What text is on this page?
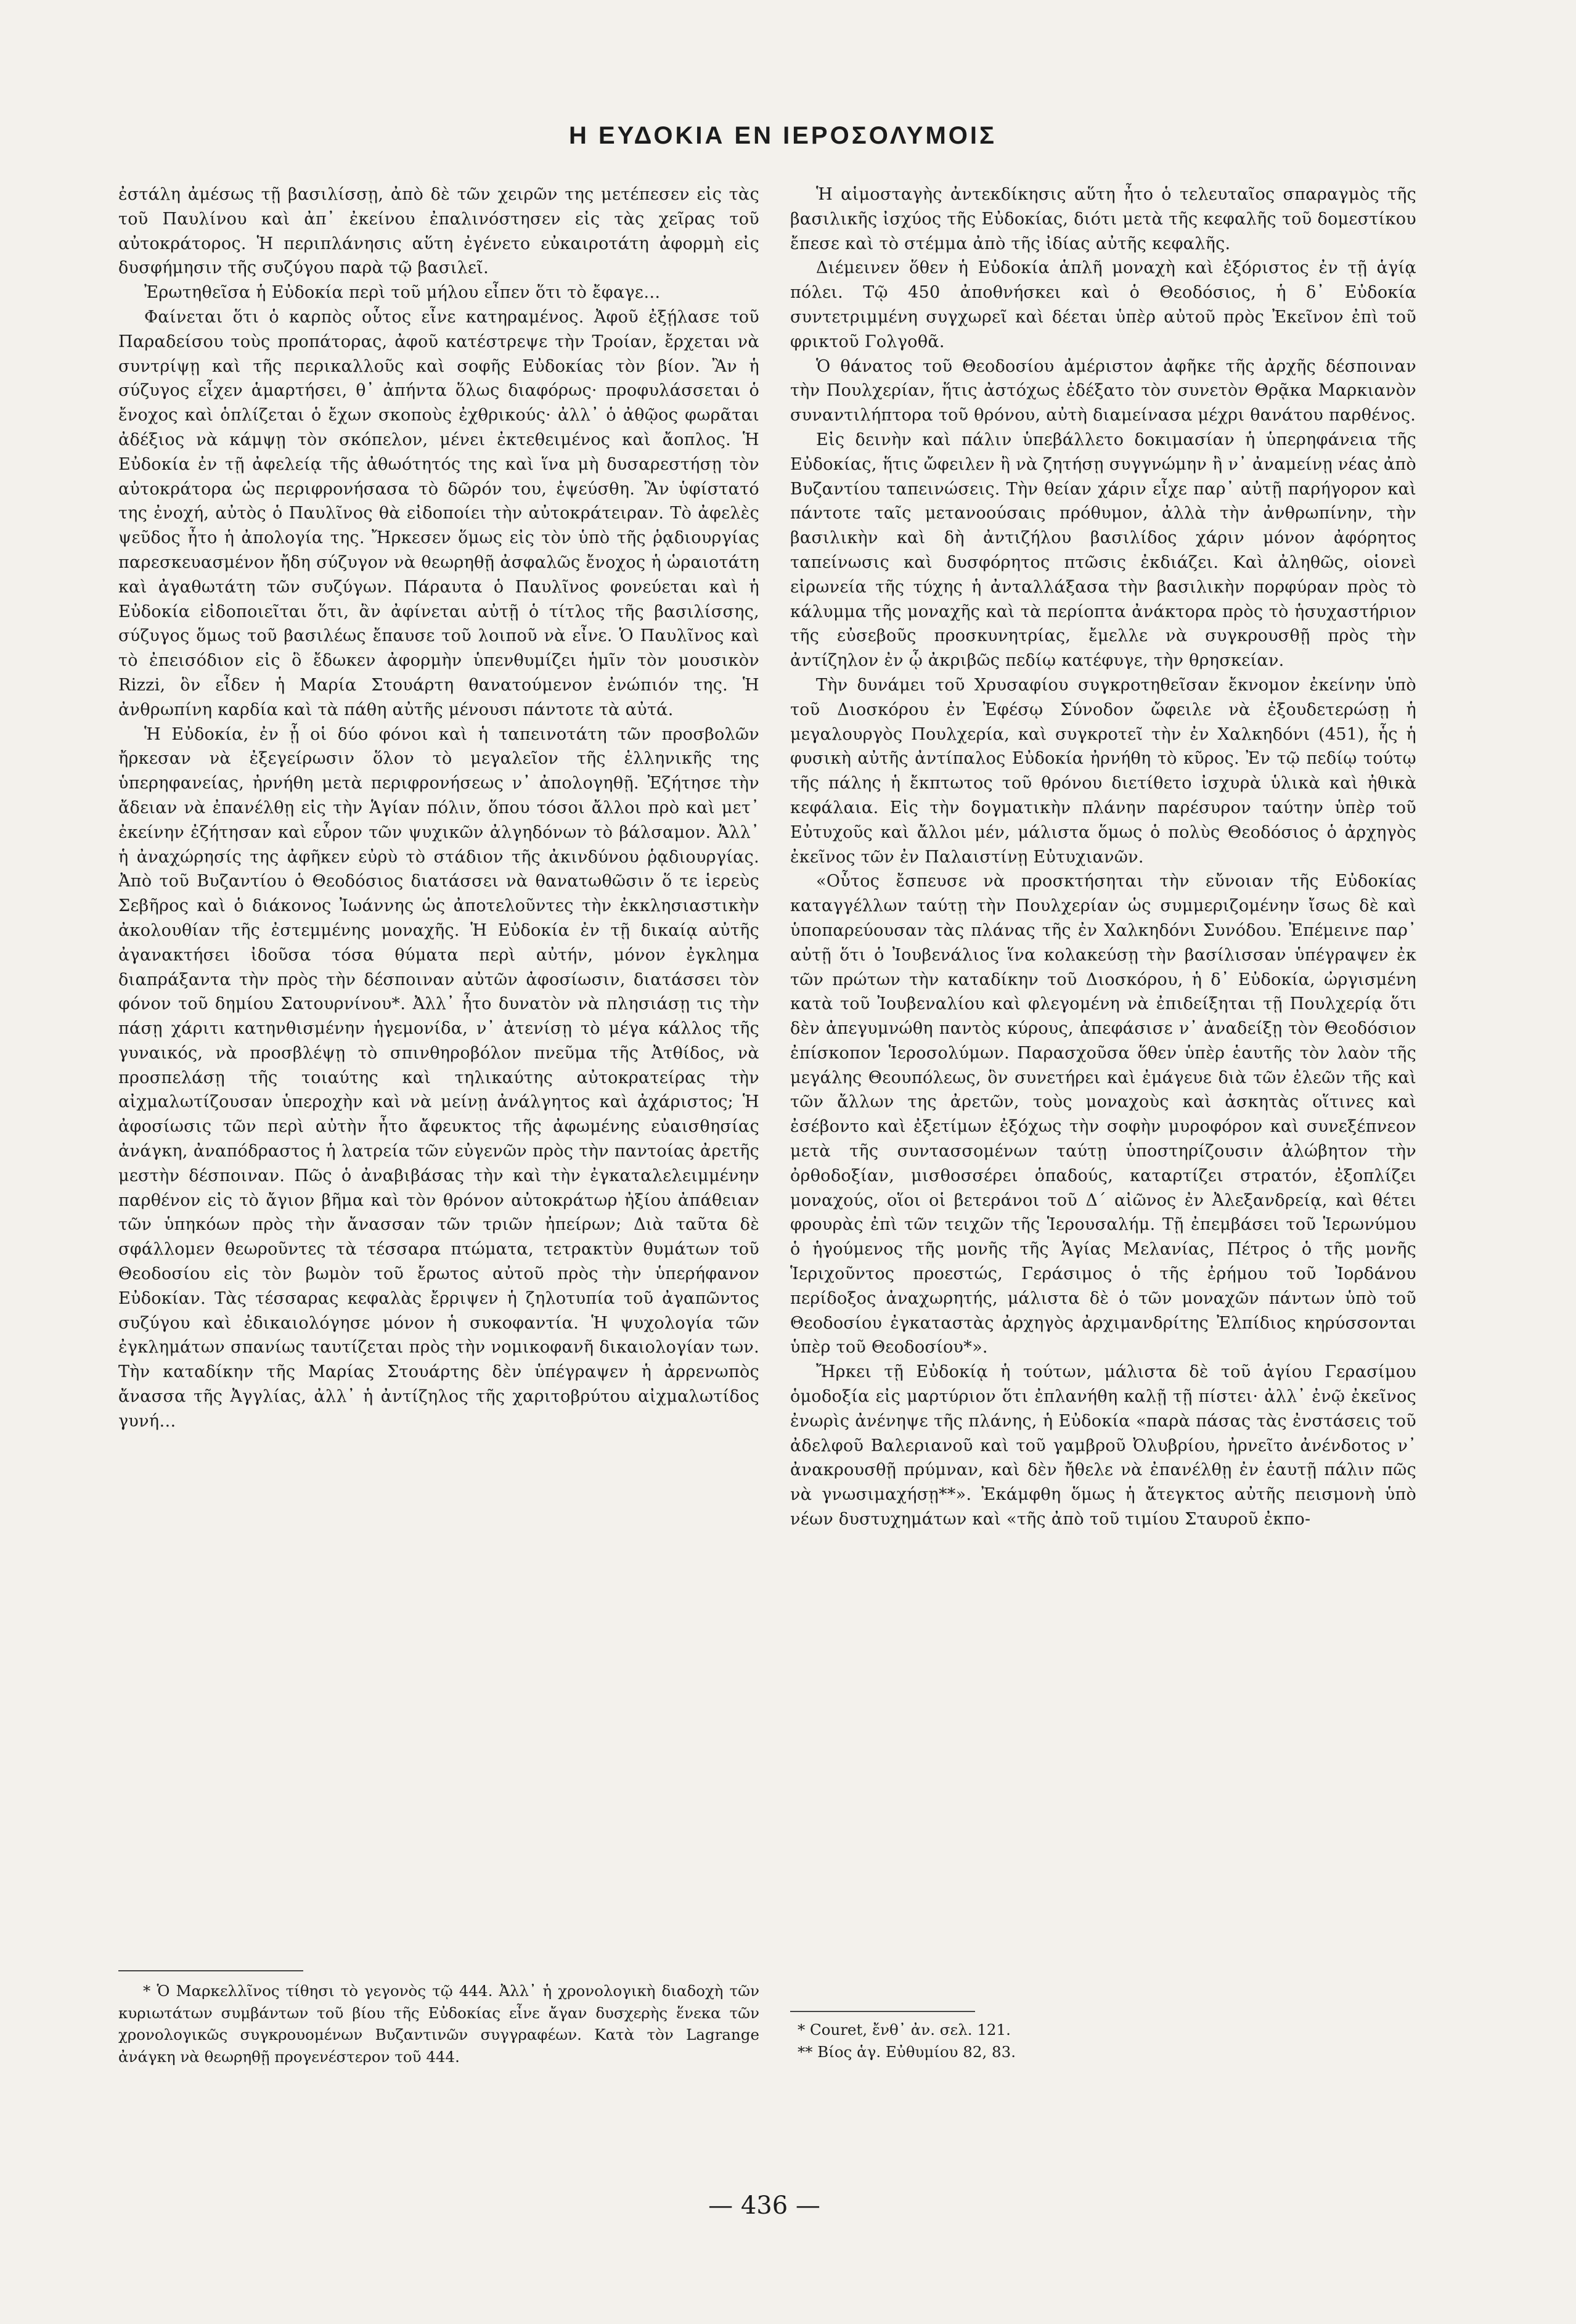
Η ΕΥΔΟΚΙΑ ΕΝ ΙΕΡΟΣΟΛΥΜΟΙΣ

ἐστάλη ἀμέσως τῇ βασιλίσσῃ, ἀπὸ δὲ τῶν χειρῶν της μετέπεσεν εἰς τὰς τοῦ Παυλίνου καὶ ἀπ᾿ ἐκείνου ἐπαλινόστησεν εἰς τὰς χεῖρας τοῦ αὐτοκράτορος. Ἡ περιπλάνησις αὕτη ἐγένετο εὐκαιροτάτη ἀφορμὴ εἰς δυσφήμησιν τῆς συζύγου παρὰ τῷ βασιλεῖ.

Ἐρωτηθεῖσα ἡ Εὐδοκία περὶ τοῦ μήλου εἶπεν ὅτι τὸ ἔφαγε…

Φαίνεται ὅτι ὁ καρπὸς οὗτος εἶνε κατηραμένος. Ἀφοῦ ἐξῄλασε τοῦ Παραδείσου τοὺς προπάτορας, ἀφοῦ κατέστρεψε τὴν Τροίαν, ἔρχεται νὰ συντρίψῃ καὶ τῆς περικαλλοῦς καὶ σοφῆς Εὐδοκίας τὸν βίον. Ἂν ἡ σύζυγος εἶχεν ἁμαρτήσει, θ᾿ ἀπήντα ὅλως διαφόρως· προφυλάσσεται ὁ ἔνοχος καὶ ὁπλίζεται ὁ ἔχων σκοποὺς ἐχθρικούς· ἀλλ᾿ ὁ ἀθῷος φωρᾶται ἀδέξιος νὰ κάμψῃ τὸν σκόπελον, μένει ἐκτεθειμένος καὶ ἄοπλος. Ἡ Εὐδοκία ἐν τῇ ἀφελείᾳ τῆς ἀθωότητός της καὶ ἵνα μὴ δυσαρεστήσῃ τὸν αὐτοκράτορα ὡς περιφρονήσασα τὸ δῶρόν του, ἐψεύσθη. Ἂν ὑφίστατό της ἐνοχή, αὐτὸς ὁ Παυλῖνος θὰ εἰδοποίει τὴν αὐτοκράτειραν. Τὸ ἀφελὲς ψεῦδος ἦτο ἡ ἀπολογία της. Ἤρκεσεν ὅμως εἰς τὸν ὑπὸ τῆς ῥᾳδιουργίας παρεσκευασμένον ἤδη σύζυγον νὰ θεωρηθῇ ἀσφαλῶς ἔνοχος ἡ ὡραιοτάτη καὶ ἀγαθωτάτη τῶν συζύγων. Πάραυτα ὁ Παυλῖνος φονεύεται καὶ ἡ Εὐδοκία εἰδοποιεῖται ὅτι, ἂν ἀφίνεται αὐτῇ ὁ τίτλος τῆς βασιλίσσης, σύζυγος ὅμως τοῦ βασιλέως ἔπαυσε τοῦ λοιποῦ νὰ εἶνε. Ὁ Παυλῖνος καὶ τὸ ἐπεισόδιον εἰς ὃ ἔδωκεν ἀφορμὴν ὑπενθυμίζει ἡμῖν τὸν μουσικὸν Rizzi, ὃν εἶδεν ἡ Μαρία Στουάρτη θανατούμενον ἐνώπιόν της. Ἡ ἀνθρωπίνη καρδία καὶ τὰ πάθη αὐτῆς μένουσι πάντοτε τὰ αὐτά.

Ἡ Εὐδοκία, ἐν ᾗ οἱ δύο φόνοι καὶ ἡ ταπεινοτάτη τῶν προσβολῶν ἤρκεσαν νὰ ἐξεγείρωσιν ὅλον τὸ μεγαλεῖον τῆς ἑλληνικῆς της ὑπερηφανείας, ἠρνήθη μετὰ περιφρονήσεως ν᾿ ἀπολογηθῇ. Ἐζήτησε τὴν ἄδειαν νὰ ἐπανέλθῃ εἰς τὴν Ἁγίαν πόλιν, ὅπου τόσοι ἄλλοι πρὸ καὶ μετ᾿ ἐκείνην ἐζήτησαν καὶ εὗρον τῶν ψυχικῶν ἀλγηδόνων τὸ βάλσαμον. Ἀλλ᾿ ἡ ἀναχώρησίς της ἀφῆκεν εὐρὺ τὸ στάδιον τῆς ἀκινδύνου ῥᾳδιουργίας. Ἀπὸ τοῦ Βυζαντίου ὁ Θεοδόσιος διατάσσει νὰ θανατωθῶσιν ὅ τε ἱερεὺς Σεβῆρος καὶ ὁ διάκονος Ἰωάννης ὡς ἀποτελοῦντες τὴν ἐκκλησιαστικὴν ἀκολουθίαν τῆς ἐστεμμένης μοναχῆς. Ἡ Εὐδοκία ἐν τῇ δικαίᾳ αὐτῆς ἀγανακτήσει ἰδοῦσα τόσα θύματα περὶ αὐτήν, μόνον ἐγκλημα διαπράξαντα τὴν πρὸς τὴν δέσποιναν αὐτῶν ἀφοσίωσιν, διατάσσει τὸν φόνον τοῦ δημίου Σατουρνίνου*. Ἀλλ᾿ ἦτο δυνατὸν νὰ πλησιάσῃ τις τὴν πάσῃ χάριτι κατηνθισμένην ἡγεμονίδα, ν᾿ ἀτενίσῃ τὸ μέγα κάλλος τῆς γυναικός, νὰ προσβλέψῃ τὸ σπινθηροβόλον πνεῦμα τῆς Ἀτθίδος, νὰ προσπελάσῃ τῆς τοιαύτης καὶ τηλικαύτης αὐτοκρατείρας τὴν αἰχμαλωτίζουσαν ὑπεροχὴν καὶ νὰ μείνῃ ἀνάλγητος καὶ ἀχάριστος; Ἡ ἀφοσίωσις τῶν περὶ αὐτὴν ἦτο ἄφευκτος τῆς ἀφωμένης εὐαισθησίας ἀνάγκη, ἀναπόδραστος ἡ λατρεία τῶν εὐγενῶν πρὸς τὴν παντοίας ἀρετῆς μεστὴν δέσποιναν. Πῶς ὁ ἀναβιβάσας τὴν καὶ τὴν ἐγκαταλελειμμένην παρθένον εἰς τὸ ἄγιον βῆμα καὶ τὸν θρόνον αὐτοκράτωρ ἠξίου ἀπάθειαν τῶν ὑπηκόων πρὸς τὴν ἄνασσαν τῶν τριῶν ἠπείρων; Διὰ ταῦτα δὲ σφάλλομεν θεωροῦντες τὰ τέσσαρα πτώματα, τετρακτὺν θυμάτων τοῦ Θεοδοσίου εἰς τὸν βωμὸν τοῦ ἔρωτος αὐτοῦ πρὸς τὴν ὑπερήφανον Εὐδοκίαν. Τὰς τέσσαρας κεφαλὰς ἔρριψεν ἡ ζηλοτυπία τοῦ ἀγαπῶντος συζύγου καὶ ἐδικαιολόγησε μόνον ἡ συκοφαντία. Ἡ ψυχολογία τῶν ἐγκλημάτων σπανίως ταυτίζεται πρὸς τὴν νομικοφανῆ δικαιολογίαν των. Τὴν καταδίκην τῆς Μαρίας Στουάρτης δὲν ὑπέγραψεν ἡ ἀρρενωπὸς ἄνασσα τῆς Ἀγγλίας, ἀλλ᾿ ἡ ἀντίζηλος τῆς χαριτοβρύτου αἰχμαλωτίδος γυνή…

Ἡ αἱμοσταγὴς ἀντεκδίκησις αὕτη ἦτο ὁ τελευταῖος σπαραγμὸς τῆς βασιλικῆς ἰσχύος τῆς Εὐδοκίας, διότι μετὰ τῆς κεφαλῆς τοῦ δομεστίκου ἔπεσε καὶ τὸ στέμμα ἀπὸ τῆς ἰδίας αὐτῆς κεφαλῆς.

Διέμεινεν ὅθεν ἡ Εὐδοκία ἁπλῆ μοναχὴ καὶ ἐξόριστος ἐν τῇ ἁγίᾳ πόλει. Τῷ 450 ἀποθνήσκει καὶ ὁ Θεοδόσιος, ἡ δ᾿ Εὐδοκία συντετριμμένη συγχωρεῖ καὶ δέεται ὑπὲρ αὐτοῦ πρὸς Ἐκεῖνον ἐπὶ τοῦ φρικτοῦ Γολγοθᾶ.

Ὁ θάνατος τοῦ Θεοδοσίου ἀμέριστον ἀφῆκε τῆς ἀρχῆς δέσποιναν τὴν Πουλχερίαν, ἥτις ἀστόχως ἐδέξατο τὸν συνετὸν Θρᾷκα Μαρκιανὸν συναντιλήπτορα τοῦ θρόνου, αὐτὴ διαμείνασα μέχρι θανάτου παρθένος.

Εἰς δεινὴν καὶ πάλιν ὑπεβάλλετο δοκιμασίαν ἡ ὑπερηφάνεια τῆς Εὐδοκίας, ἥτις ὤφειλεν ἢ νὰ ζητήσῃ συγγνώμην ἢ ν᾿ ἀναμείνῃ νέας ἀπὸ Βυζαντίου ταπεινώσεις. Τὴν θείαν χάριν εἶχε παρ᾿ αὐτῇ παρήγορον καὶ πάντοτε ταῖς μετανοούσαις πρόθυμον, ἀλλὰ τὴν ἀνθρωπίνην, τὴν βασιλικὴν καὶ δὴ ἀντιζήλου βασιλίδος χάριν μόνον ἀφόρητος ταπείνωσις καὶ δυσφόρητος πτῶσις ἐκδιάζει. Καὶ ἀληθῶς, οἱονεὶ εἰρωνεία τῆς τύχης ἡ ἀνταλλάξασα τὴν βασιλικὴν πορφύραν πρὸς τὸ κάλυμμα τῆς μοναχῆς καὶ τὰ περίοπτα ἀνάκτορα πρὸς τὸ ἡσυχαστήριον τῆς εὐσεβοῦς προσκυνητρίας, ἔμελλε νὰ συγκρουσθῇ πρὸς τὴν ἀντίζηλον ἐν ᾧ ἀκριβῶς πεδίῳ κατέφυγε, τὴν θρησκείαν.

Τὴν δυνάμει τοῦ Χρυσαφίου συγκροτηθεῖσαν ἔκνομον ἐκείνην ὑπὸ τοῦ Διοσκόρου ἐν Ἐφέσῳ Σύνοδον ὤφειλε νὰ ἐξουδετερώσῃ ἡ μεγαλουργὸς Πουλχερία, καὶ συγκροτεῖ τὴν ἐν Χαλκηδόνι (451), ἧς ἡ φυσικὴ αὐτῆς ἀντίπαλος Εὐδοκία ἠρνήθη τὸ κῦρος. Ἐν τῷ πεδίῳ τούτῳ τῆς πάλης ἡ ἔκπτωτος τοῦ θρόνου διετίθετο ἰσχυρὰ ὑλικὰ καὶ ἠθικὰ κεφάλαια. Εἰς τὴν δογματικὴν πλάνην παρέσυρον ταύτην ὑπὲρ τοῦ Εὐτυχοῦς καὶ ἄλλοι μέν, μάλιστα ὅμως ὁ πολὺς Θεοδόσιος ὁ ἀρχηγὸς ἐκεῖνος τῶν ἐν Παλαιστίνῃ Εὐτυχιανῶν.

«Οὗτος ἔσπευσε νὰ προσκτήσηται τὴν εὔνοιαν τῆς Εὐδοκίας καταγγέλλων ταύτῃ τὴν Πουλχερίαν ὡς συμμεριζομένην ἴσως δὲ καὶ ὑποπαρεύουσαν τὰς πλάνας τῆς ἐν Χαλκηδόνι Συνόδου. Ἐπέμεινε παρ᾿ αὐτῇ ὅτι ὁ Ἰουβενάλιος ἵνα κολακεύσῃ τὴν βασίλισσαν ὑπέγραψεν ἐκ τῶν πρώτων τὴν καταδίκην τοῦ Διοσκόρου, ἡ δ᾿ Εὐδοκία, ὠργισμένη κατὰ τοῦ Ἰουβεναλίου καὶ φλεγομένη νὰ ἐπιδείξηται τῇ Πουλχερίᾳ ὅτι δὲν ἀπεγυμνώθη παντὸς κύρους, ἀπεφάσισε ν᾿ ἀναδείξῃ τὸν Θεοδόσιον ἐπίσκοπον Ἱεροσολύμων. Παρασχοῦσα ὅθεν ὑπὲρ ἑαυτῆς τὸν λαὸν τῆς μεγάλης Θεουπόλεως, ὃν συνετήρει καὶ ἐμάγευε διὰ τῶν ἐλεῶν τῆς καὶ τῶν ἄλλων της ἀρετῶν, τοὺς μοναχοὺς καὶ ἀσκητὰς οἵτινες καὶ ἐσέβοντο καὶ ἐξετίμων ἐξόχως τὴν σοφὴν μυροφόρον καὶ συνεξέπνεον μετὰ τῆς συντασσομένων ταύτῃ ὑποστηρίζουσιν ἀλώβητον τὴν ὀρθοδοξίαν, μισθοσσέρει ὁπαδούς, καταρτίζει στρατόν, ἐξοπλίζει μοναχούς, οἵοι οἱ βετεράνοι τοῦ Δ´ αἰῶνος ἐν Ἀλεξανδρείᾳ, καὶ θέτει φρουρὰς ἐπὶ τῶν τειχῶν τῆς Ἱερουσαλήμ. Τῇ ἐπεμβάσει τοῦ Ἱερωνύμου ὁ ἡγούμενος τῆς μονῆς τῆς Ἁγίας Μελανίας, Πέτρος ὁ τῆς μονῆς Ἱεριχοῦντος προεστώς, Γεράσιμος ὁ τῆς ἐρήμου τοῦ Ἰορδάνου περίδοξος ἀναχωρητής, μάλιστα δὲ ὁ τῶν μοναχῶν πάντων ὑπὸ τοῦ Θεοδοσίου ἐγκαταστὰς ἀρχηγὸς ἀρχιμανδρίτης Ἐλπίδιος κηρύσσονται ὑπὲρ τοῦ Θεοδοσίου*».

Ἤρκει τῇ Εὐδοκίᾳ ἡ τούτων, μάλιστα δὲ τοῦ ἁγίου Γερασίμου ὁμοδοξία εἰς μαρτύριον ὅτι ἐπλανήθη καλῇ τῇ πίστει· ἀλλ᾿ ἐνῷ ἐκεῖνος ἐνωρὶς ἀνένηψε τῆς πλάνης, ἡ Εὐδοκία «παρὰ πάσας τὰς ἐνστάσεις τοῦ ἀδελφοῦ Βαλεριανοῦ καὶ τοῦ γαμβροῦ Ὀλυβρίου, ἠρνεῖτο ἀνένδοτος ν᾿ ἀνακρουσθῇ πρύμναν, καὶ δὲν ἤθελε νὰ ἐπανέλθῃ ἐν ἑαυτῇ πάλιν πῶς νὰ γνωσιμαχήσῃ**». Ἐκάμφθη ὅμως ἡ ἄτεγκτος αὐτῆς πεισμονὴ ὑπὸ νέων δυστυχημάτων καὶ «τῆς ἀπὸ τοῦ τιμίου Σταυροῦ ἐκπο-

* Ὁ Μαρκελλῖνος τίθησι τὸ γεγονὸς τῷ 444. Ἀλλ᾿ ἡ χρονολογικὴ διαδοχὴ τῶν κυριωτάτων συμβάντων τοῦ βίου τῆς Εὐδοκίας εἶνε ἄγαν δυσχερὴς ἕνεκα τῶν χρονολογικῶς συγκρουομένων Βυζαντινῶν συγγραφέων. Κατὰ τὸν Lagrange ἀνάγκη νὰ θεωρηθῇ προγενέστερον τοῦ 444.

* Couret, ἔνθ᾿ ἀν. σελ. 121.

** Βίος ἁγ. Εὐθυμίου 82, 83.

— 436 —
